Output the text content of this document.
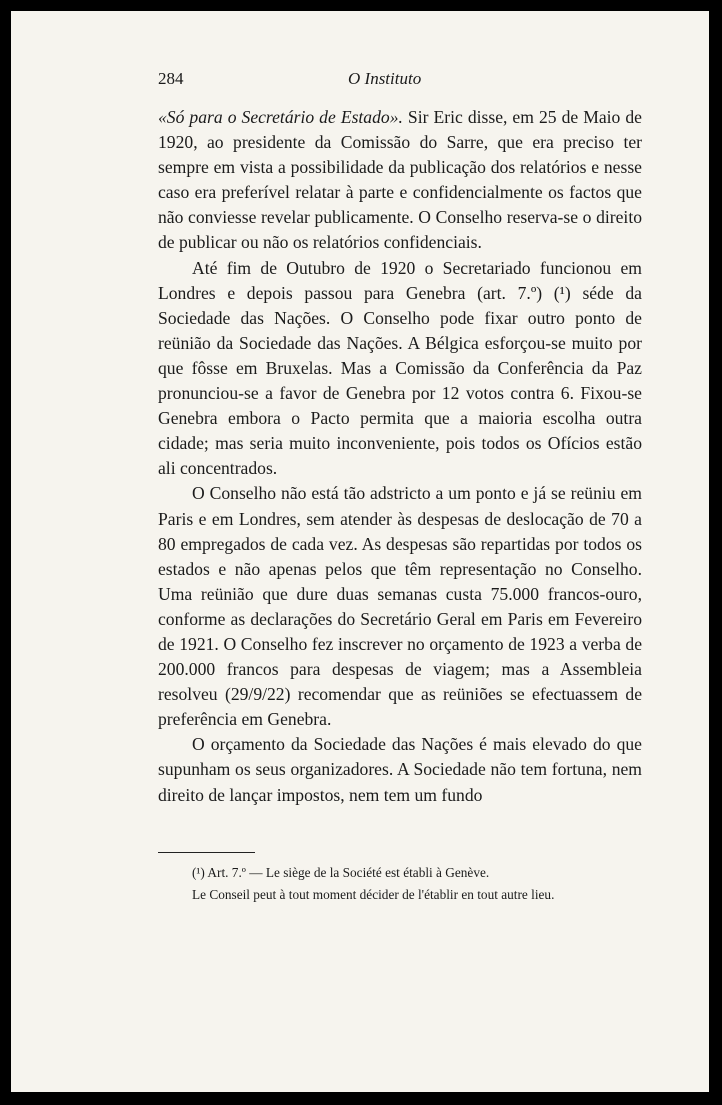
284	O Instituto

«Só para o Secretário de Estado». Sir Eric disse, em 25 de Maio de 1920, ao presidente da Comissão do Sarre, que era preciso ter sempre em vista a possibilidade da publicação dos relatórios e nesse caso era preferível relatar à parte e confidencialmente os factos que não conviesse revelar publicamente. O Conselho reserva-se o direito de publicar ou não os relatórios confidenciais.

Até fim de Outubro de 1920 o Secretariado funcionou em Londres e depois passou para Genebra (art. 7.º) (¹) séde da Sociedade das Nações. O Conselho pode fixar outro ponto de reünião da Sociedade das Nações. A Bélgica esforçou-se muito por que fôsse em Bruxelas. Mas a Comissão da Conferência da Paz pronunciou-se a favor de Genebra por 12 votos contra 6. Fixou-se Genebra embora o Pacto permita que a maioria escolha outra cidade; mas seria muito inconveniente, pois todos os Ofícios estão ali concentrados.

O Conselho não está tão adstricto a um ponto e já se reüniu em Paris e em Londres, sem atender às despesas de deslocação de 70 a 80 empregados de cada vez. As despesas são repartidas por todos os estados e não apenas pelos que têm representação no Conselho. Uma reünião que dure duas semanas custa 75.000 francos-ouro, conforme as declarações do Secretário Geral em Paris em Fevereiro de 1921. O Conselho fez inscrever no orçamento de 1923 a verba de 200.000 francos para despesas de viagem; mas a Assembleia resolveu (29/9/22) recomendar que as reüniões se efectuassem de preferência em Genebra.

O orçamento da Sociedade das Nações é mais elevado do que supunham os seus organizadores. A Sociedade não tem fortuna, nem direito de lançar impostos, nem tem um fundo

(¹) Art. 7.º — Le siège de la Société est établi à Genève.

Le Conseil peut à tout moment décider de l'établir en tout autre lieu.
